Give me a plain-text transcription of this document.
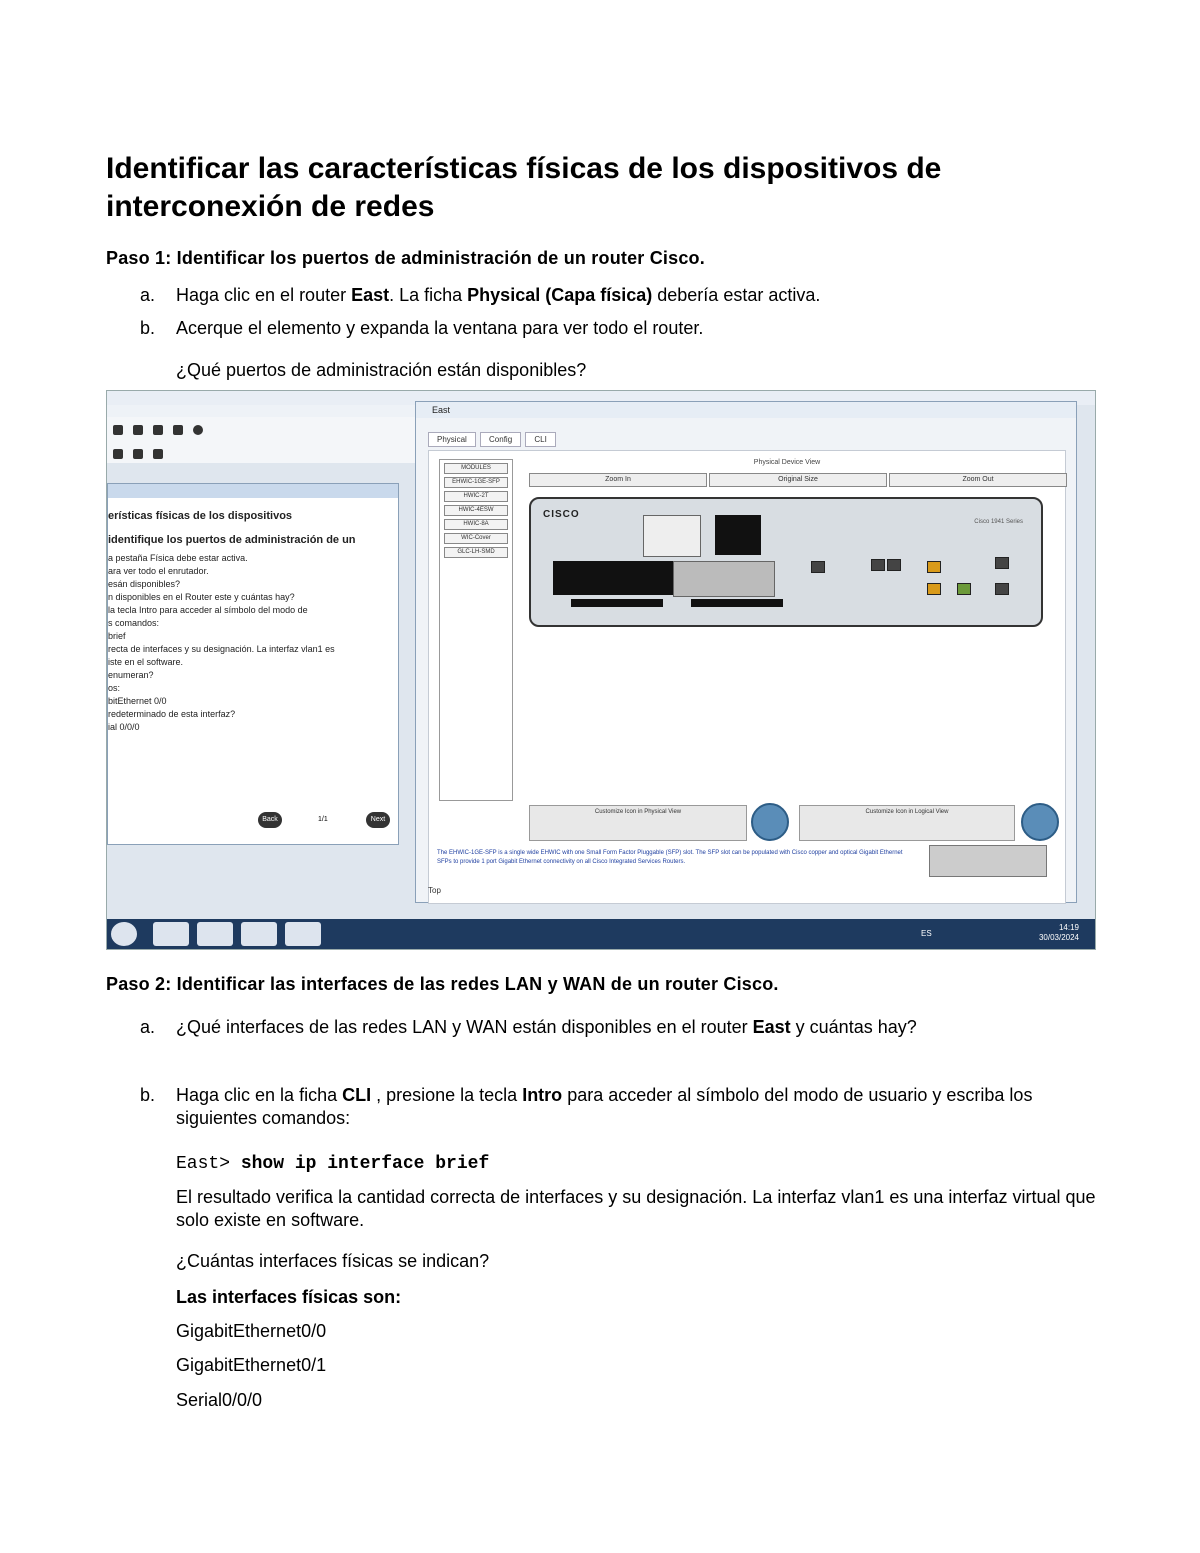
Identificar las características físicas de los dispositivos de interconexión de redes

Paso 1: Identificar los puertos de administración de un router Cisco.

a. Haga clic en el router East. La ficha Physical (Capa física) debería estar activa.
b. Acerque el elemento y expanda la ventana para ver todo el router.
¿Qué puertos de administración están disponibles?
erísticas físicas de los dispositivos
identifique los puertos de administración de un
a pestaña Física debe estar activa.
ara ver todo el enrutador.
esán disponibles?
n disponibles en el Router este y cuántas hay?
la tecla Intro para acceder al símbolo del modo de
s comandos:
brief
recta de interfaces y su designación. La interfaz vlan1 es
iste en el software.
enumeran?
os:
bitEthernet 0/0
redeterminado de esta interfaz?
ial 0/0/0
Back	1/1	Next
East
Physical	Config	CLI
MODULES
EHWIC-1GE-SFP
HWIC-2T
HWIC-4ESW
HWIC-8A
WIC-Cover
GLC-LH-SMD
Physical Device View
Zoom In	Original Size	Zoom Out
CISCO
Cisco 1941 Series
Customize Icon in Physical View	Customize Icon in Logical View
The EHWIC-1GE-SFP is a single wide EHWIC with one Small Form Factor Pluggable (SFP) slot. The SFP slot can be populated with Cisco copper and optical Gigabit Ethernet SFPs to provide 1 port Gigabit Ethernet connectivity on all Cisco Integrated Services Routers.
Top
ES
14:19
30/03/2024

Paso 2: Identificar las interfaces de las redes LAN y WAN de un router Cisco.

a. ¿Qué interfaces de las redes LAN y WAN están disponibles en el router East y cuántas hay?
b. Haga clic en la ficha CLI , presione la tecla Intro para acceder al símbolo del modo de usuario y escriba los siguientes comandos:
East> show ip interface brief
El resultado verifica la cantidad correcta de interfaces y su designación. La interfaz vlan1 es una interfaz virtual que solo existe en software.
¿Cuántas interfaces físicas se indican?
Las interfaces físicas son:
GigabitEthernet0/0
GigabitEthernet0/1
Serial0/0/0
